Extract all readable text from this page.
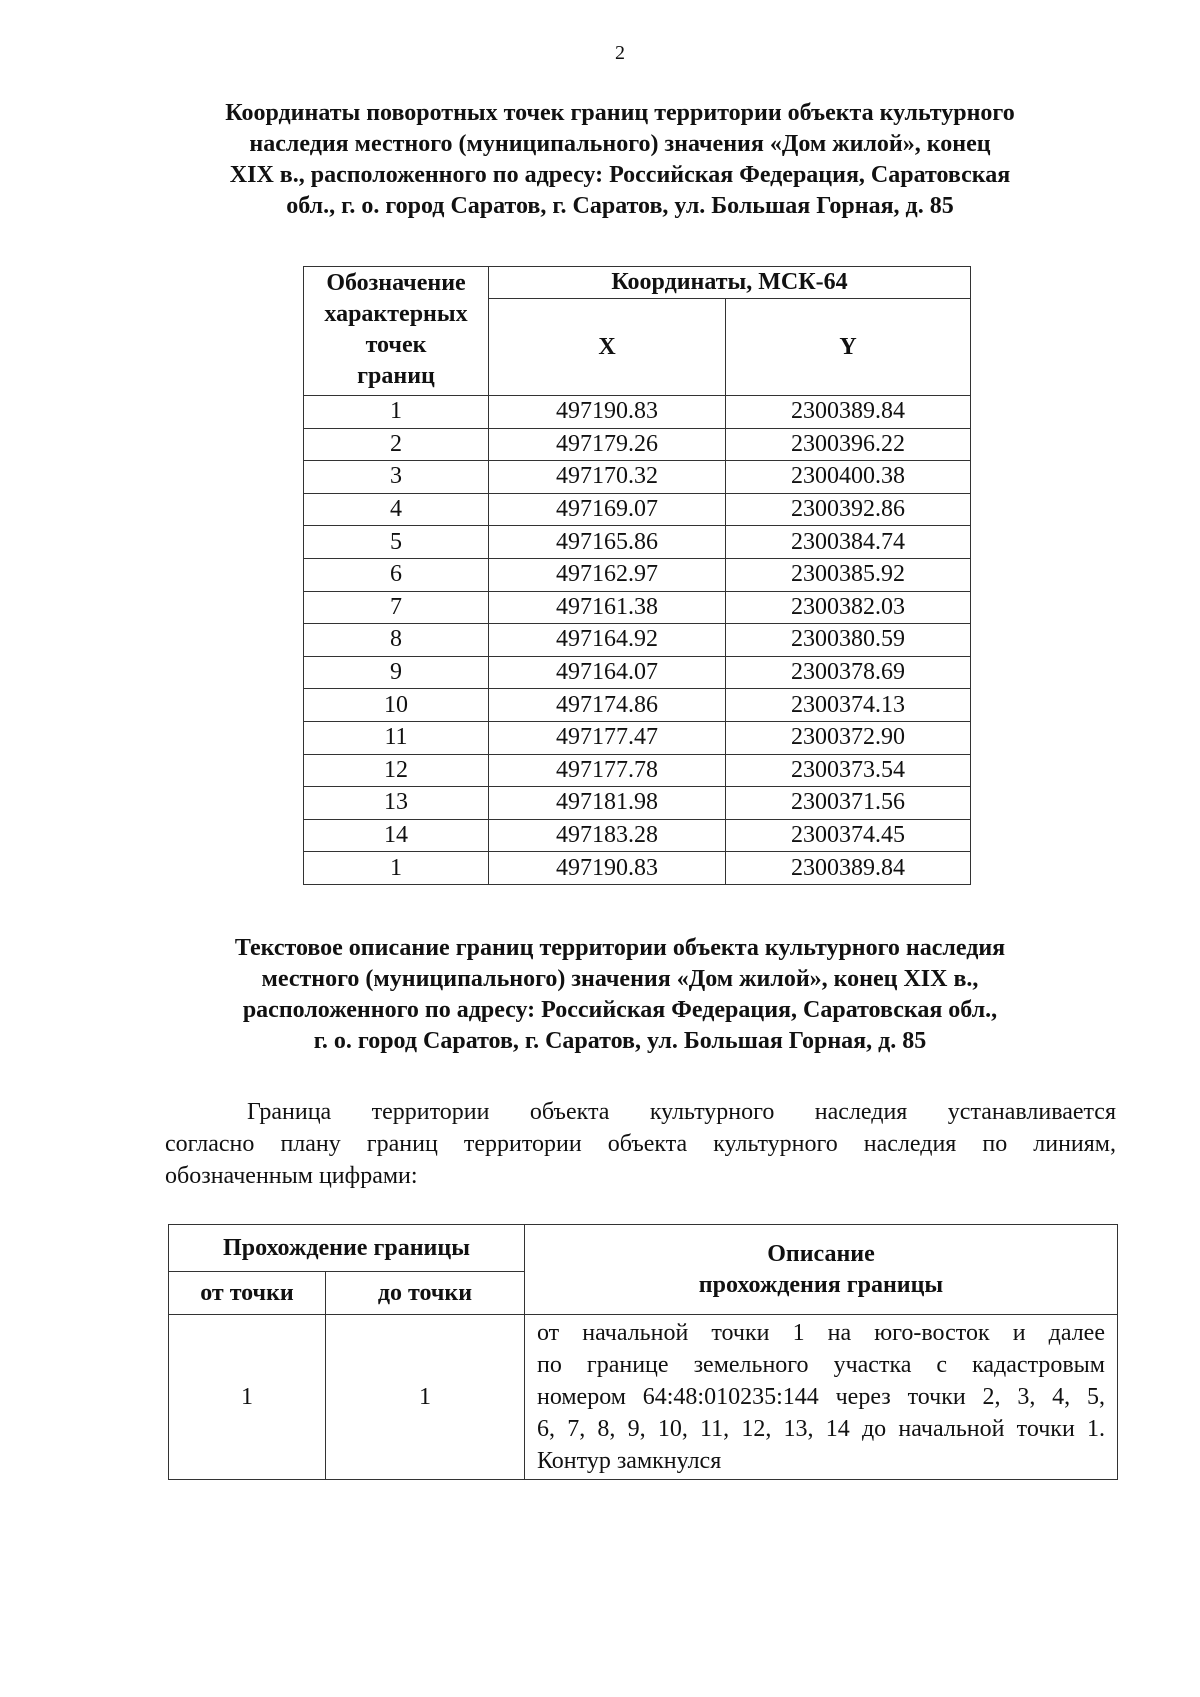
2
Координаты поворотных точек границ территории объекта культурного
наследия местного (муниципального) значения «Дом жилой», конец
XIX в., расположенного по адресу: Российская Федерация, Саратовская
обл., г. о. город Саратов, г. Саратов, ул. Большая Горная, д. 85
Обозначение
характерных
точек
границ	Координаты, МСК-64	
	X	Y
1	497190.83	2300389.84
2	497179.26	2300396.22
3	497170.32	2300400.38
4	497169.07	2300392.86
5	497165.86	2300384.74
6	497162.97	2300385.92
7	497161.38	2300382.03
8	497164.92	2300380.59
9	497164.07	2300378.69
10	497174.86	2300374.13
11	497177.47	2300372.90
12	497177.78	2300373.54
13	497181.98	2300371.56
14	497183.28	2300374.45
1	497190.83	2300389.84
Текстовое описание границ территории объекта культурного наследия
местного (муниципального) значения «Дом жилой», конец XIX в.,
расположенного по адресу: Российская Федерация, Саратовская обл.,
г. о. город Саратов, г. Саратов, ул. Большая Горная, д. 85
Граница территории объекта культурного наследия устанавливается
согласно плану границ территории объекта культурного наследия по линиям,
обозначенным цифрами:
Прохождение границы		Описание
прохождения границы

от точки	до точки	
1	1	от начальной точки 1 на юго-восток и далее
по границе земельного участка с кадастровым
номером 64:48:010235:144 через точки 2, 3, 4, 5,
6, 7, 8, 9, 10, 11, 12, 13, 14 до начальной точки 1.
Контур замкнулся
